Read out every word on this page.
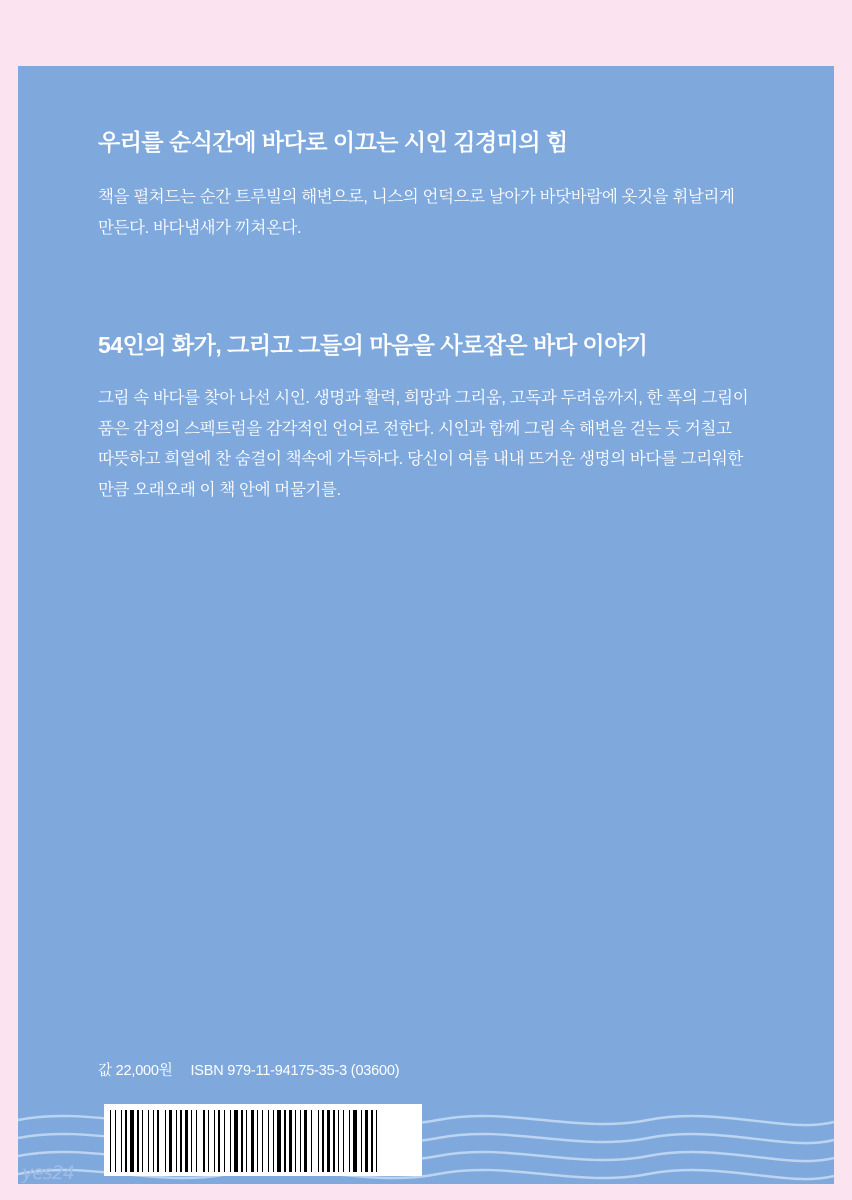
우리를 순식간에 바다로 이끄는 시인 김경미의 힘

책을 펼쳐드는 순간 트루빌의 해변으로, 니스의 언덕으로 날아가 바닷바람에 옷깃을 휘날리게 만든다. 바다냄새가 끼쳐온다.

54인의 화가, 그리고 그들의 마음을 사로잡은 바다 이야기

그림 속 바다를 찾아 나선 시인. 생명과 활력, 희망과 그리움, 고독과 두려움까지, 한 폭의 그림이 품은 감정의 스펙트럼을 감각적인 언어로 전한다. 시인과 함께 그림 속 해변을 걷는 듯 거칠고 따뜻하고 희열에 찬 숨결이 책속에 가득하다. 당신이 여름 내내 뜨거운 생명의 바다를 그리워한 만큼 오래오래 이 책 안에 머물기를.

값 22,000원 ISBN 979-11-94175-35-3 (03600)
yes24
